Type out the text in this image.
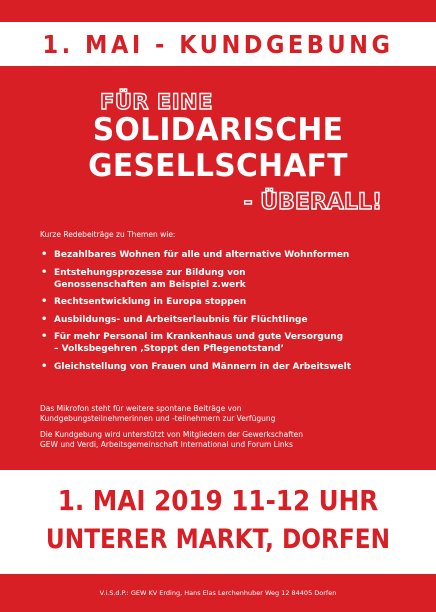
1. MAI - KUNDGEBUNG
FÜR EINE
SOLIDARISCHE
GESELLSCHAFT
- ÜBERALL!
Kurze Redebeiträge zu Themen wie:
• Bezahlbares Wohnen für alle und alternative Wohnformen
• Entstehungsprozesse zur Bildung von
Genossenschaften am Beispiel z.werk
• Rechtsentwicklung in Europa stoppen
• Ausbildungs- und Arbeitserlaubnis für Flüchtlinge
• Für mehr Personal im Krankenhaus und gute Versorgung
– Volksbegehren ‚Stoppt den Pflegenotstand’
• Gleichstellung von Frauen und Männern in der Arbeitswelt
Das Mikrofon steht für weitere spontane Beiträge von
Kundgebungsteilnehmerinnen und -teilnehmern zur Verfügung
Die Kundgebung wird unterstützt von Mitgliedern der Gewerkschaften
GEW und Verdi, Arbeitsgemeinschaft International und Forum Links
1. MAI 2019 11-12 UHR
UNTERER MARKT, DORFEN
V.i.S.d.P.: GEW KV Erding, Hans Elas Lerchenhuber Weg 12 84405 Dorfen
